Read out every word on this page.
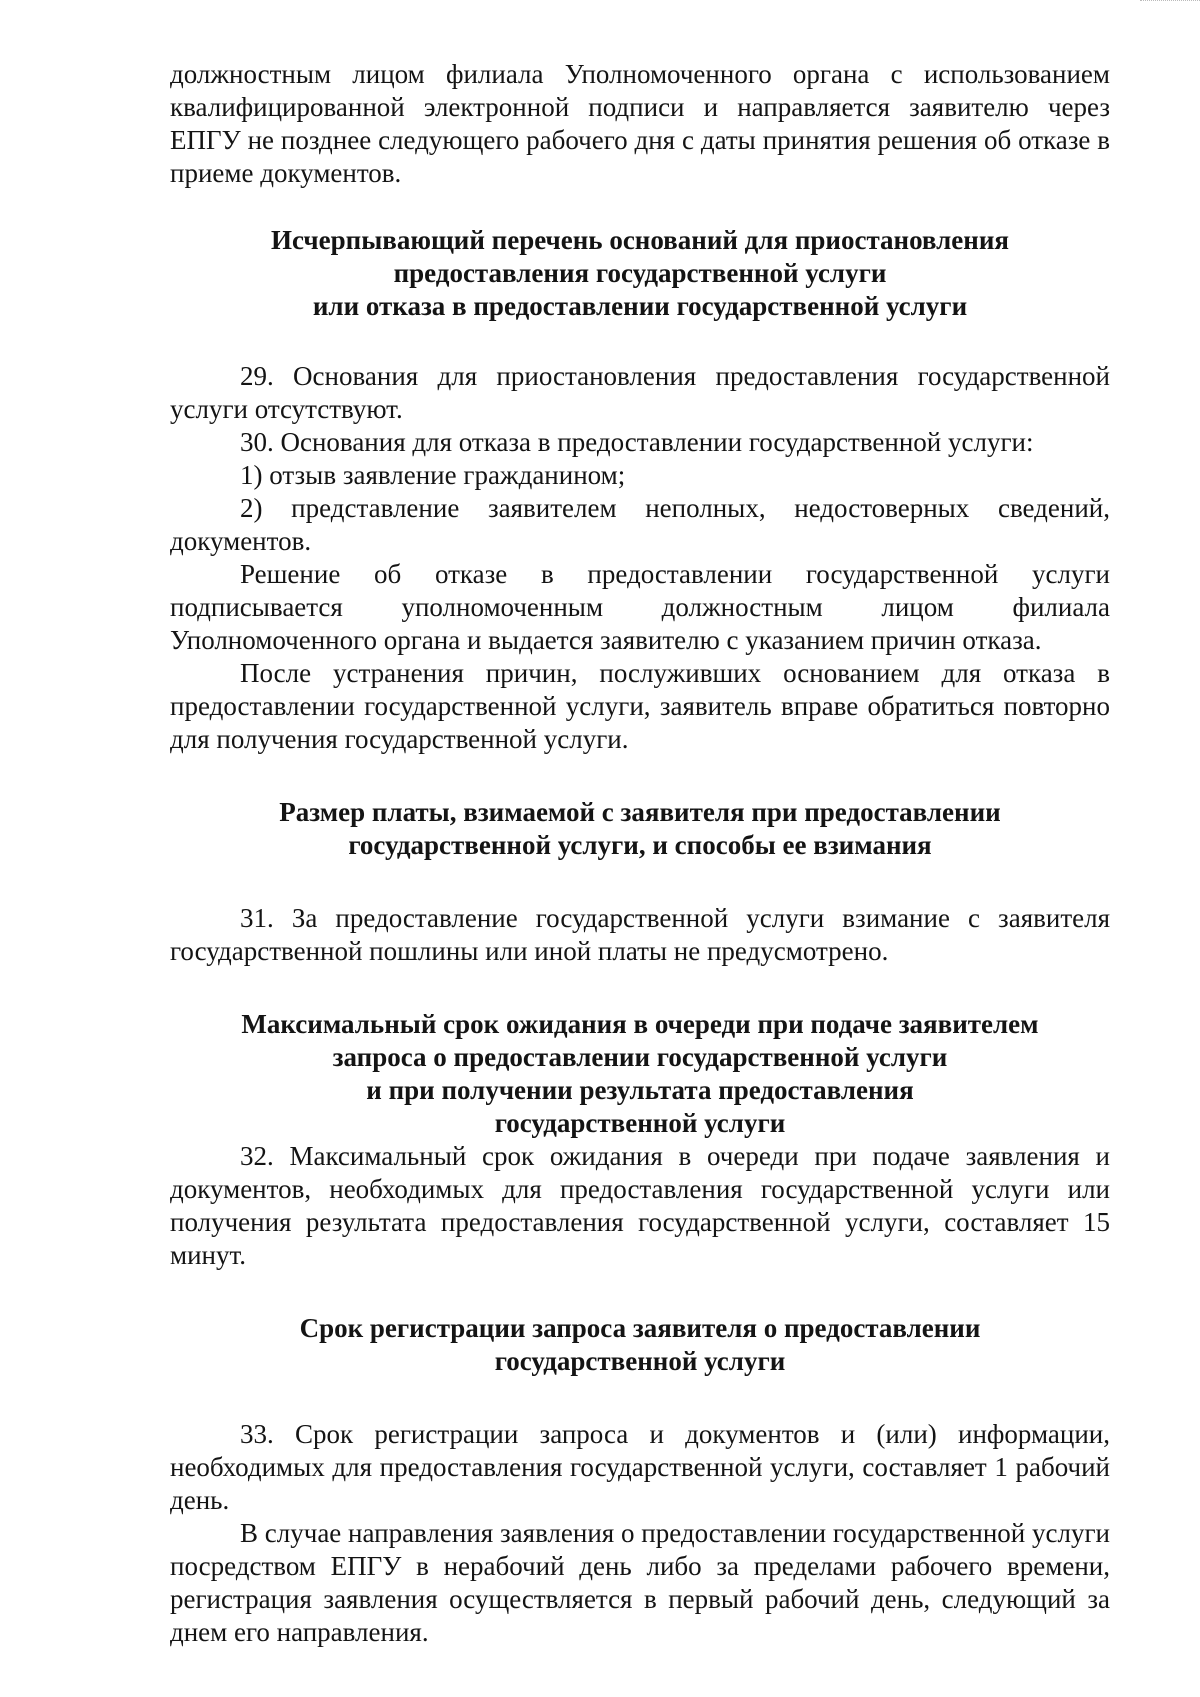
должностным лицом филиала Уполномоченного органа с использованием квалифицированной электронной подписи и направляется заявителю через ЕПГУ не позднее следующего рабочего дня с даты принятия решения об отказе в приеме документов.

Исчерпывающий перечень оснований для приостановления
предоставления государственной услуги
или отказа в предоставлении государственной услуги

29. Основания для приостановления предоставления государственной услуги отсутствуют.

30. Основания для отказа в предоставлении государственной услуги:

1) отзыв заявление гражданином;

2) представление заявителем неполных, недостоверных сведений, документов.

Решение об отказе в предоставлении государственной услуги подписывается уполномоченным должностным лицом филиала Уполномоченного органа и выдается заявителю с указанием причин отказа.

После устранения причин, послуживших основанием для отказа в предоставлении государственной услуги, заявитель вправе обратиться повторно для получения государственной услуги.

Размер платы, взимаемой с заявителя при предоставлении
государственной услуги, и способы ее взимания

31. За предоставление государственной услуги взимание с заявителя государственной пошлины или иной платы не предусмотрено.

Максимальный срок ожидания в очереди при подаче заявителем
запроса о предоставлении государственной услуги
и при получении результата предоставления
государственной услуги

32. Максимальный срок ожидания в очереди при подаче заявления и документов, необходимых для предоставления государственной услуги или получения результата предоставления государственной услуги, составляет 15 минут.

Срок регистрации запроса заявителя о предоставлении
государственной услуги

33. Срок регистрации запроса и документов и (или) информации, необходимых для предоставления государственной услуги, составляет 1 рабочий день.

В случае направления заявления о предоставлении государственной услуги посредством ЕПГУ в нерабочий день либо за пределами рабочего времени, регистрация заявления осуществляется в первый рабочий день, следующий за днем его направления.
